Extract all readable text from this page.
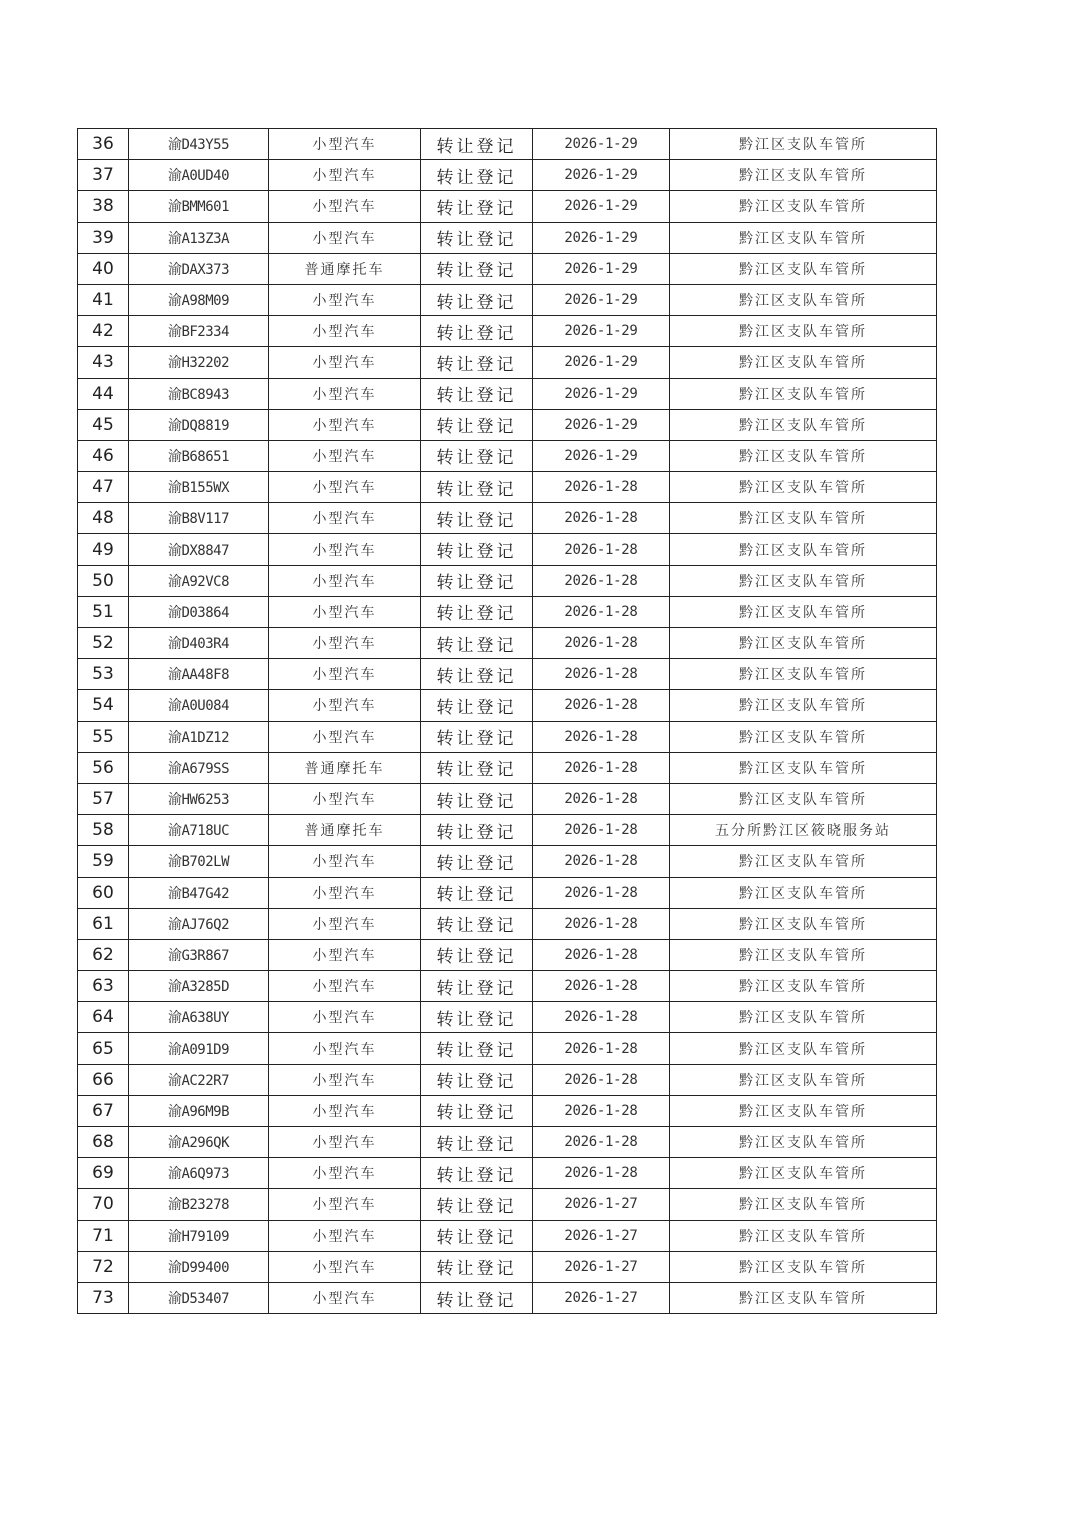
36	渝D43Y55	小型汽车	转让登记	2026-1-29	黔江区支队车管所
37	渝A0UD40	小型汽车	转让登记	2026-1-29	黔江区支队车管所
38	渝BMM601	小型汽车	转让登记	2026-1-29	黔江区支队车管所
39	渝A13Z3A	小型汽车	转让登记	2026-1-29	黔江区支队车管所
40	渝DAX373	普通摩托车	转让登记	2026-1-29	黔江区支队车管所
41	渝A98M09	小型汽车	转让登记	2026-1-29	黔江区支队车管所
42	渝BF2334	小型汽车	转让登记	2026-1-29	黔江区支队车管所
43	渝H32202	小型汽车	转让登记	2026-1-29	黔江区支队车管所
44	渝BC8943	小型汽车	转让登记	2026-1-29	黔江区支队车管所
45	渝DQ8819	小型汽车	转让登记	2026-1-29	黔江区支队车管所
46	渝B68651	小型汽车	转让登记	2026-1-29	黔江区支队车管所
47	渝B155WX	小型汽车	转让登记	2026-1-28	黔江区支队车管所
48	渝B8V117	小型汽车	转让登记	2026-1-28	黔江区支队车管所
49	渝DX8847	小型汽车	转让登记	2026-1-28	黔江区支队车管所
50	渝A92VC8	小型汽车	转让登记	2026-1-28	黔江区支队车管所
51	渝D03864	小型汽车	转让登记	2026-1-28	黔江区支队车管所
52	渝D403R4	小型汽车	转让登记	2026-1-28	黔江区支队车管所
53	渝AA48F8	小型汽车	转让登记	2026-1-28	黔江区支队车管所
54	渝A0U084	小型汽车	转让登记	2026-1-28	黔江区支队车管所
55	渝A1DZ12	小型汽车	转让登记	2026-1-28	黔江区支队车管所
56	渝A679SS	普通摩托车	转让登记	2026-1-28	黔江区支队车管所
57	渝HW6253	小型汽车	转让登记	2026-1-28	黔江区支队车管所
58	渝A718UC	普通摩托车	转让登记	2026-1-28	五分所黔江区筱晓服务站
59	渝B702LW	小型汽车	转让登记	2026-1-28	黔江区支队车管所
60	渝B47G42	小型汽车	转让登记	2026-1-28	黔江区支队车管所
61	渝AJ76Q2	小型汽车	转让登记	2026-1-28	黔江区支队车管所
62	渝G3R867	小型汽车	转让登记	2026-1-28	黔江区支队车管所
63	渝A3285D	小型汽车	转让登记	2026-1-28	黔江区支队车管所
64	渝A638UY	小型汽车	转让登记	2026-1-28	黔江区支队车管所
65	渝A091D9	小型汽车	转让登记	2026-1-28	黔江区支队车管所
66	渝AC22R7	小型汽车	转让登记	2026-1-28	黔江区支队车管所
67	渝A96M9B	小型汽车	转让登记	2026-1-28	黔江区支队车管所
68	渝A296QK	小型汽车	转让登记	2026-1-28	黔江区支队车管所
69	渝A6Q973	小型汽车	转让登记	2026-1-28	黔江区支队车管所
70	渝B23278	小型汽车	转让登记	2026-1-27	黔江区支队车管所
71	渝H79109	小型汽车	转让登记	2026-1-27	黔江区支队车管所
72	渝D99400	小型汽车	转让登记	2026-1-27	黔江区支队车管所
73	渝D53407	小型汽车	转让登记	2026-1-27	黔江区支队车管所
